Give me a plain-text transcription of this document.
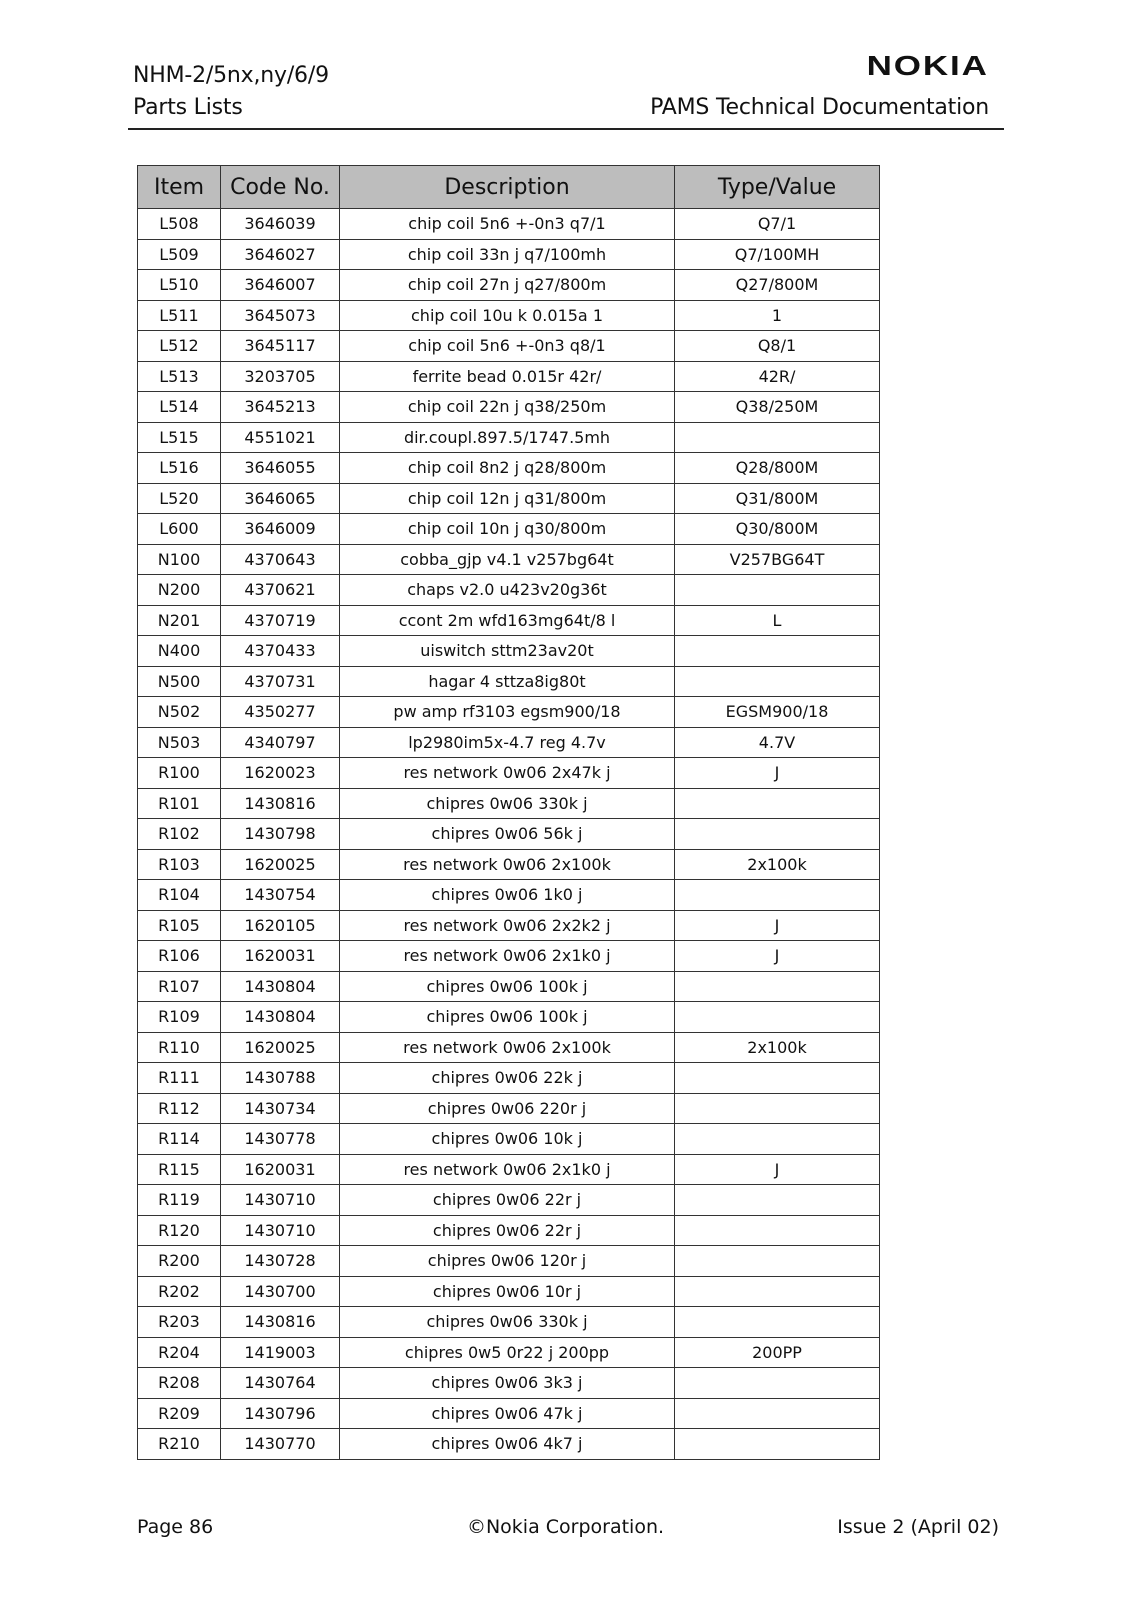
NHM-2/5nx,ny/6/9
Parts Lists
NOKIA
PAMS Technical Documentation
Item	Code No.	Description	Type/Value
L508	3646039	chip coil 5n6 +-0n3 q7/1	Q7/1
L509	3646027	chip coil 33n j q7/100mh	Q7/100MH
L510	3646007	chip coil 27n j q27/800m	Q27/800M
L511	3645073	chip coil 10u k 0.015a 1	1
L512	3645117	chip coil 5n6 +-0n3 q8/1	Q8/1
L513	3203705	ferrite bead 0.015r 42r/	42R/
L514	3645213	chip coil 22n j q38/250m	Q38/250M
L515	4551021	dir.coupl.897.5/1747.5mh	
L516	3646055	chip coil 8n2 j q28/800m	Q28/800M
L520	3646065	chip coil 12n j q31/800m	Q31/800M
L600	3646009	chip coil 10n j q30/800m	Q30/800M
N100	4370643	cobba_gjp v4.1 v257bg64t	V257BG64T
N200	4370621	chaps v2.0 u423v20g36t	
N201	4370719	ccont 2m wfd163mg64t/8 l	L
N400	4370433	uiswitch sttm23av20t	
N500	4370731	hagar 4 sttza8ig80t	
N502	4350277	pw amp rf3103 egsm900/18	EGSM900/18
N503	4340797	lp2980im5x-4.7 reg 4.7v	4.7V
R100	1620023	res network 0w06 2x47k j	J
R101	1430816	chipres 0w06 330k j	
R102	1430798	chipres 0w06 56k j	
R103	1620025	res network 0w06 2x100k	2x100k
R104	1430754	chipres 0w06 1k0 j	
R105	1620105	res network 0w06 2x2k2 j	J
R106	1620031	res network 0w06 2x1k0 j	J
R107	1430804	chipres 0w06 100k j	
R109	1430804	chipres 0w06 100k j	
R110	1620025	res network 0w06 2x100k	2x100k
R111	1430788	chipres 0w06 22k j	
R112	1430734	chipres 0w06 220r j	
R114	1430778	chipres 0w06 10k j	
R115	1620031	res network 0w06 2x1k0 j	J
R119	1430710	chipres 0w06 22r j	
R120	1430710	chipres 0w06 22r j	
R200	1430728	chipres 0w06 120r j	
R202	1430700	chipres 0w06 10r j	
R203	1430816	chipres 0w06 330k j	
R204	1419003	chipres 0w5 0r22 j 200pp	200PP
R208	1430764	chipres 0w06 3k3 j	
R209	1430796	chipres 0w06 47k j	
R210	1430770	chipres 0w06 4k7 j	
Page 86	©Nokia Corporation.	Issue 2 (April 02)
